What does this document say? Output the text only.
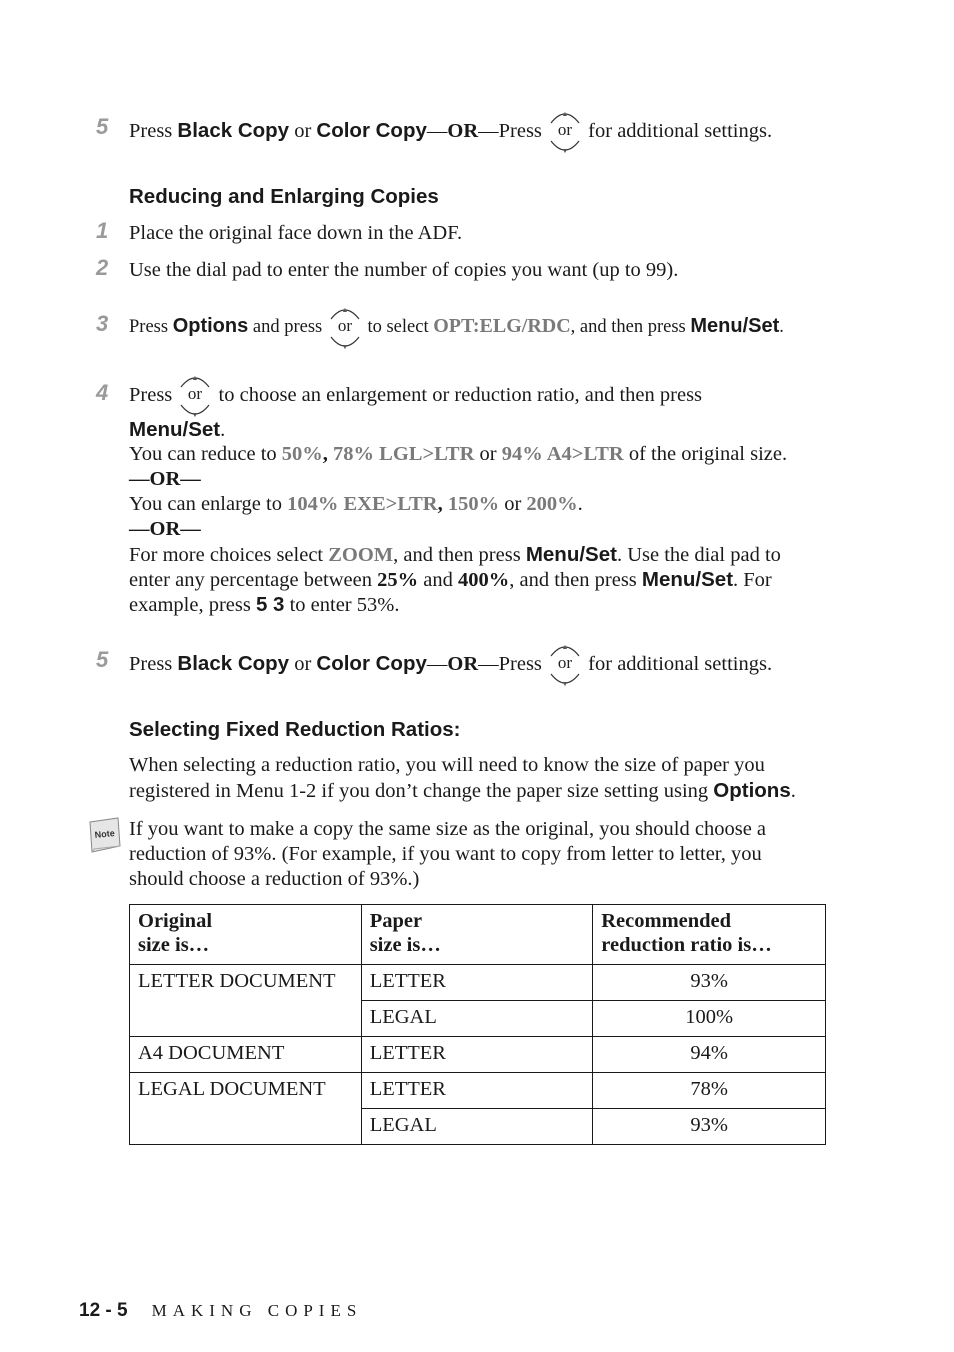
5 Press Black Copy or Color Copy—OR—Press
▲
▼
or for additional settings.
Reducing and Enlarging Copies
1 Place the original face down in the ADF.
2 Use the dial pad to enter the number of copies you want (up to 99).
3 Press Options and press
▲
▼
or to select OPT:ELG/RDC, and then press Menu/Set.
4 Press
▲
▼
or to choose an enlargement or reduction ratio, and then press
Menu/Set.
You can reduce to 50%, 78% LGL>LTR or 94% A4>LTR of the original size.
—OR—
You can enlarge to 104% EXE>LTR, 150% or 200%.
—OR—
For more choices select ZOOM, and then press Menu/Set. Use the dial pad to
enter any percentage between 25% and 400%, and then press Menu/Set. For
example, press 5 3 to enter 53%.
5 Press Black Copy or Color Copy—OR—Press
▲
▼
or for additional settings.
Selecting Fixed Reduction Ratios:
When selecting a reduction ratio, you will need to know the size of paper you
registered in Menu 1-2 if you don’t change the paper size setting using Options.
Note If you want to make a copy the same size as the original, you should choose a
reduction of 93%. (For example, if you want to copy from letter to letter, you
should choose a reduction of 93%.)
Original
size is…	Paper
size is…	Recommended
reduction ratio is…
LETTER DOCUMENT	LETTER	93%
	LEGAL	100%
A4 DOCUMENT	LETTER	94%
LEGAL DOCUMENT	LETTER	78%
	LEGAL	93%
12 - 5 MAKING COPIES
